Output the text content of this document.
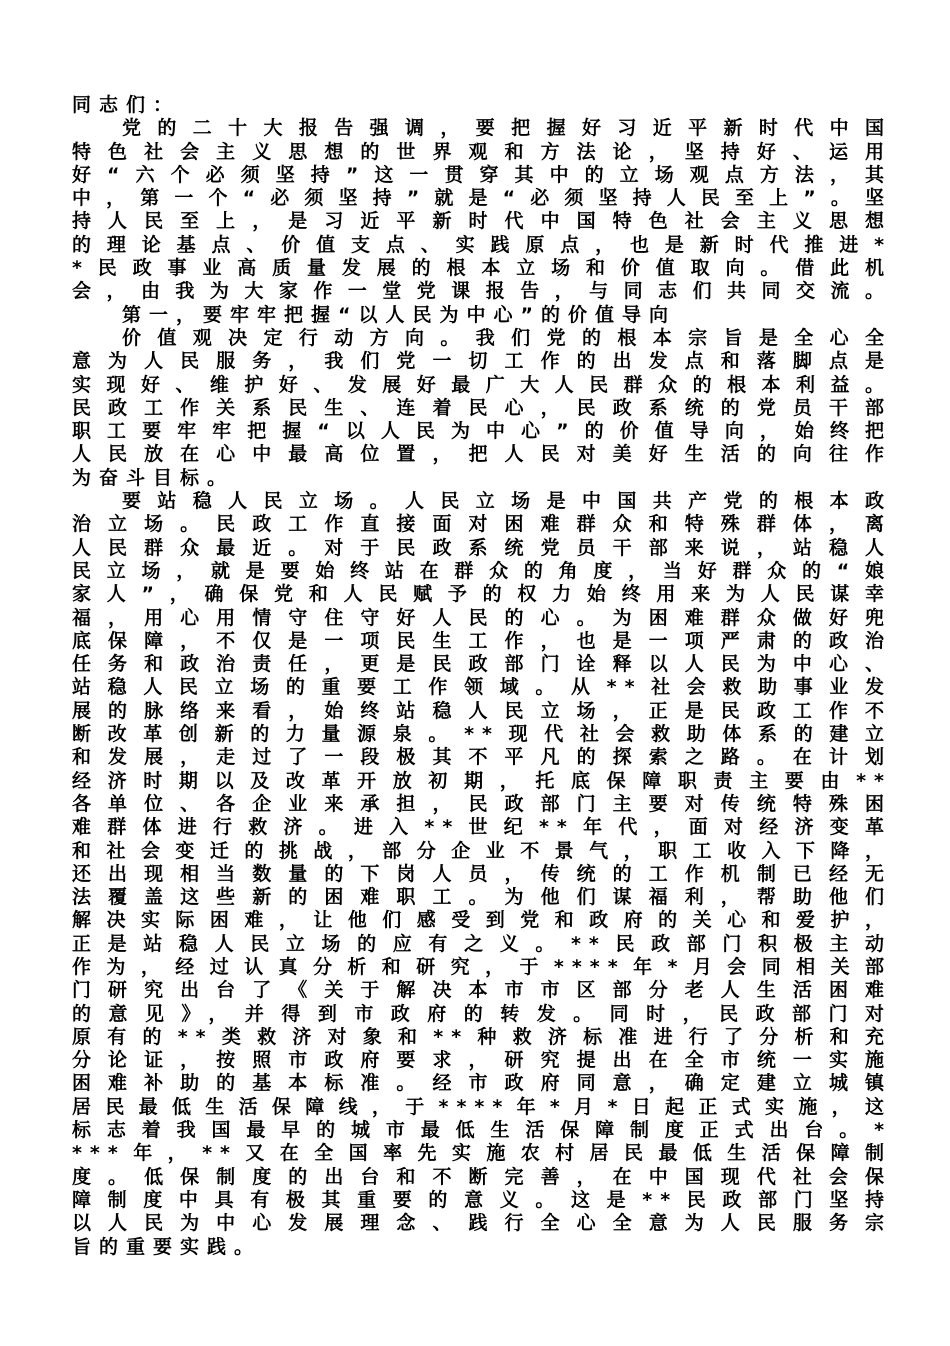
同志们：
党的二十大报告强调，要把握好习近平新时代中国
特色社会主义思想的世界观和方法论，坚持好、运用
好“六个必须坚持”这一贯穿其中的立场观点方法，其
中，第一个“必须坚持”就是“必须坚持人民至上”。坚
持人民至上，是习近平新时代中国特色社会主义思想
的理论基点、价值支点、实践原点，也是新时代推进*
*民政事业高质量发展的根本立场和价值取向。借此机
会，由我为大家作一堂党课报告，与同志们共同交流。
第一，要牢牢把握“以人民为中心”的价值导向
价值观决定行动方向。我们党的根本宗旨是全心全
意为人民服务，我们党一切工作的出发点和落脚点是
实现好、维护好、发展好最广大人民群众的根本利益。
民政工作关系民生、连着民心，民政系统的党员干部
职工要牢牢把握“以人民为中心”的价值导向，始终把
人民放在心中最高位置，把人民对美好生活的向往作
为奋斗目标。
要站稳人民立场。人民立场是中国共产党的根本政
治立场。民政工作直接面对困难群众和特殊群体，离
人民群众最近。对于民政系统党员干部来说，站稳人
民立场，就是要始终站在群众的角度，当好群众的“娘
家人”，确保党和人民赋予的权力始终用来为人民谋幸
福，用心用情守住守好人民的心。为困难群众做好兜
底保障，不仅是一项民生工作，也是一项严肃的政治
任务和政治责任，更是民政部门诠释以人民为中心、
站稳人民立场的重要工作领域。从**社会救助事业发
展的脉络来看，始终站稳人民立场，正是民政工作不
断改革创新的力量源泉。**现代社会救助体系的建立
和发展，走过了一段极其不平凡的探索之路。在计划
经济时期以及改革开放初期，托底保障职责主要由**
各单位、各企业来承担，民政部门主要对传统特殊困
难群体进行救济。进入**世纪**年代，面对经济变革
和社会变迁的挑战，部分企业不景气，职工收入下降，
还出现相当数量的下岗人员，传统的工作机制已经无
法覆盖这些新的困难职工。为他们谋福利，帮助他们
解决实际困难，让他们感受到党和政府的关心和爱护，
正是站稳人民立场的应有之义。**民政部门积极主动
作为，经过认真分析和研究，于****年*月会同相关部
门研究出台了《关于解决本市市区部分老人生活困难
的意见》，并得到市政府的转发。同时，民政部门对
原有的**类救济对象和**种救济标准进行了分析和充
分论证，按照市政府要求，研究提出在全市统一实施
困难补助的基本标准。经市政府同意，确定建立城镇
居民最低生活保障线，于****年*月*日起正式实施，这
标志着我国最早的城市最低生活保障制度正式出台。*
***年，**又在全国率先实施农村居民最低生活保障制
度。低保制度的出台和不断完善，在中国现代社会保
障制度中具有极其重要的意义。这是**民政部门坚持
以人民为中心发展理念、践行全心全意为人民服务宗
旨的重要实践。
